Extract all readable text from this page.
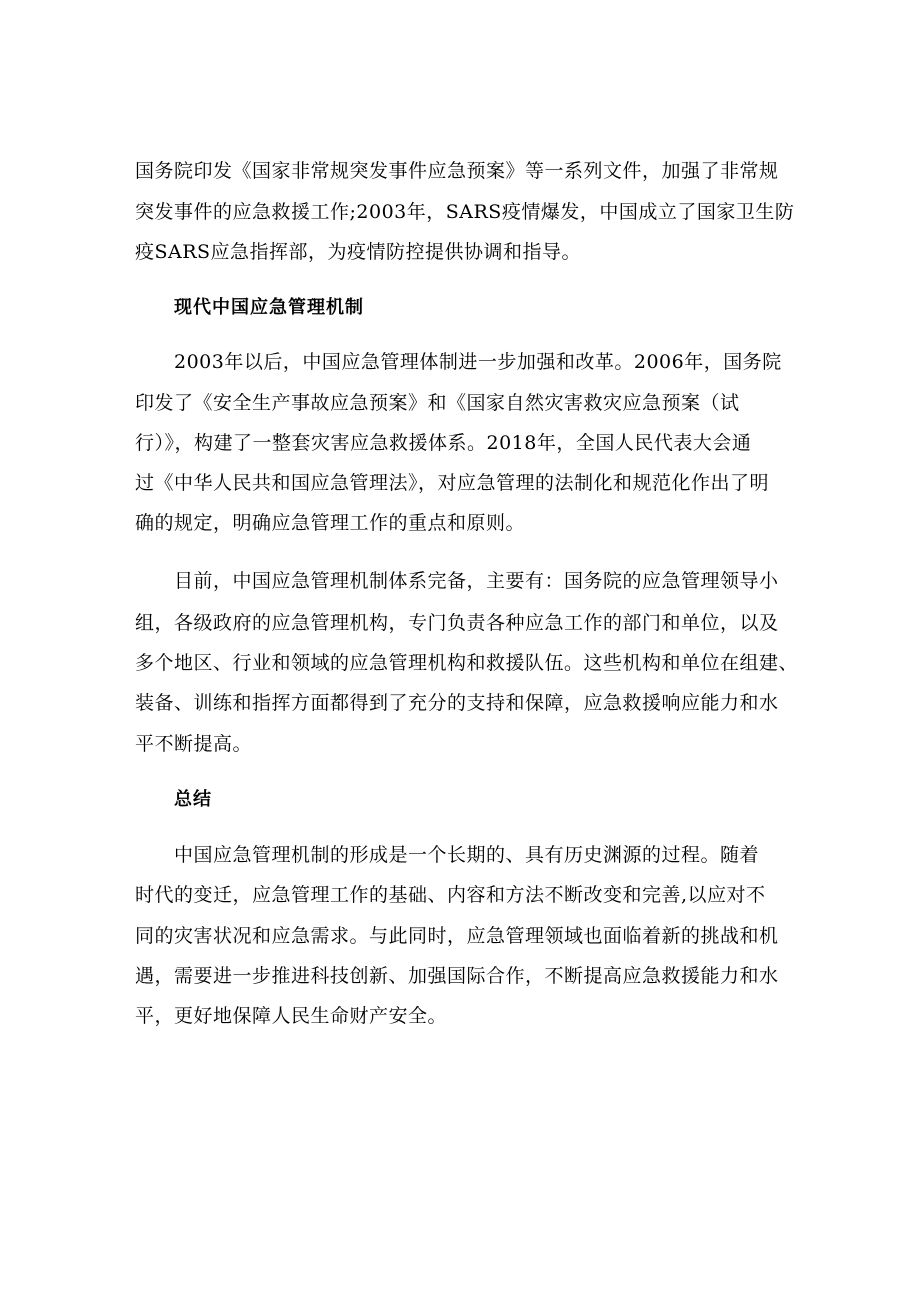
国务院印发《国家非常规突发事件应急预案》等一系列文件，加强了非常规
突发事件的应急救援工作;2003年，SARS疫情爆发，中国成立了国家卫生防
疫SARS应急指挥部，为疫情防控提供协调和指导。
现代中国应急管理机制
2003年以后，中国应急管理体制进一步加强和改革。2006年，国务院
印发了《安全生产事故应急预案》和《国家自然灾害救灾应急预案（试
行）》，构建了一整套灾害应急救援体系。2018年，全国人民代表大会通
过《中华人民共和国应急管理法》，对应急管理的法制化和规范化作出了明
确的规定，明确应急管理工作的重点和原则。
目前，中国应急管理机制体系完备，主要有：国务院的应急管理领导小
组，各级政府的应急管理机构，专门负责各种应急工作的部门和单位，以及
多个地区、行业和领域的应急管理机构和救援队伍。这些机构和单位在组建、
装备、训练和指挥方面都得到了充分的支持和保障，应急救援响应能力和水
平不断提高。
总结
中国应急管理机制的形成是一个长期的、具有历史渊源的过程。随着
时代的变迁，应急管理工作的基础、内容和方法不断改变和完善,以应对不
同的灾害状况和应急需求。与此同时，应急管理领域也面临着新的挑战和机
遇，需要进一步推进科技创新、加强国际合作，不断提高应急救援能力和水
平，更好地保障人民生命财产安全。
